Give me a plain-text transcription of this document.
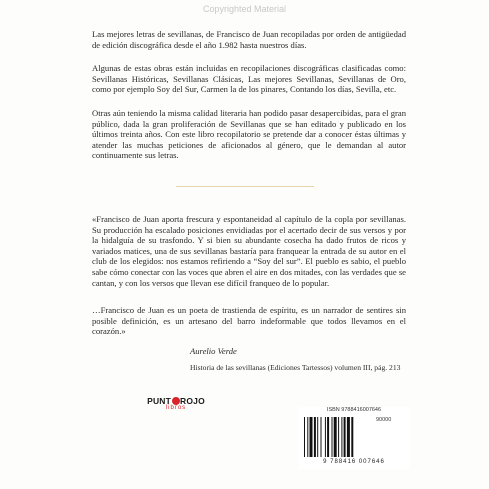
Copyrighted Material

Las mejores letras de sevillanas, de Francisco de Juan recopiladas por orden de antigüedad de edición discográfica desde el año 1.982 hasta nuestros días.

Algunas de estas obras están incluidas en recopilaciones discográficas clasificadas como: Sevillanas Históricas, Sevillanas Clásicas, Las mejores Sevillanas, Sevillanas de Oro, como por ejemplo Soy del Sur, Carmen la de los pinares, Contando los días, Sevilla, etc.

Otras aún teniendo la misma calidad literaria han podido pasar desapercibidas, para el gran público, dada la gran proliferación de Sevillanas que se han editado y publicado en los últimos treinta años. Con este libro recopilatorio se pretende dar a conocer éstas últimas y atender las muchas peticiones de aficionados al género, que le demandan al autor continuamente sus letras.

«Francisco de Juan aporta frescura y espontaneidad al capítulo de la copla por sevillanas. Su producción ha escalado posiciones envidiadas por el acertado decir de sus versos y por la hidalguía de su trasfondo. Y si bien su abundante cosecha ha dado frutos de ricos y variados matices, una de sus sevillanas bastaría para franquear la entrada de su autor en el club de los elegidos: nos estamos refiriendo a “Soy del sur”. El pueblo es sabio, el pueblo sabe cómo conectar con las voces que abren el aire en dos mitades, con las verdades que se cantan, y con los versos que llevan ese difícil franqueo de lo popular.

…Francisco de Juan es un poeta de trastienda de espíritu, es un narrador de sentires sin posible definición, es un artesano del barro indeformable que todos llevamos en el corazón.»

Aurelio Verde
Historia de las sevillanas (Ediciones Tartessos) volumen III, pág. 213
PUNT ROJO
libros	ISBN 9788416007646
90000
9 788416 007646
